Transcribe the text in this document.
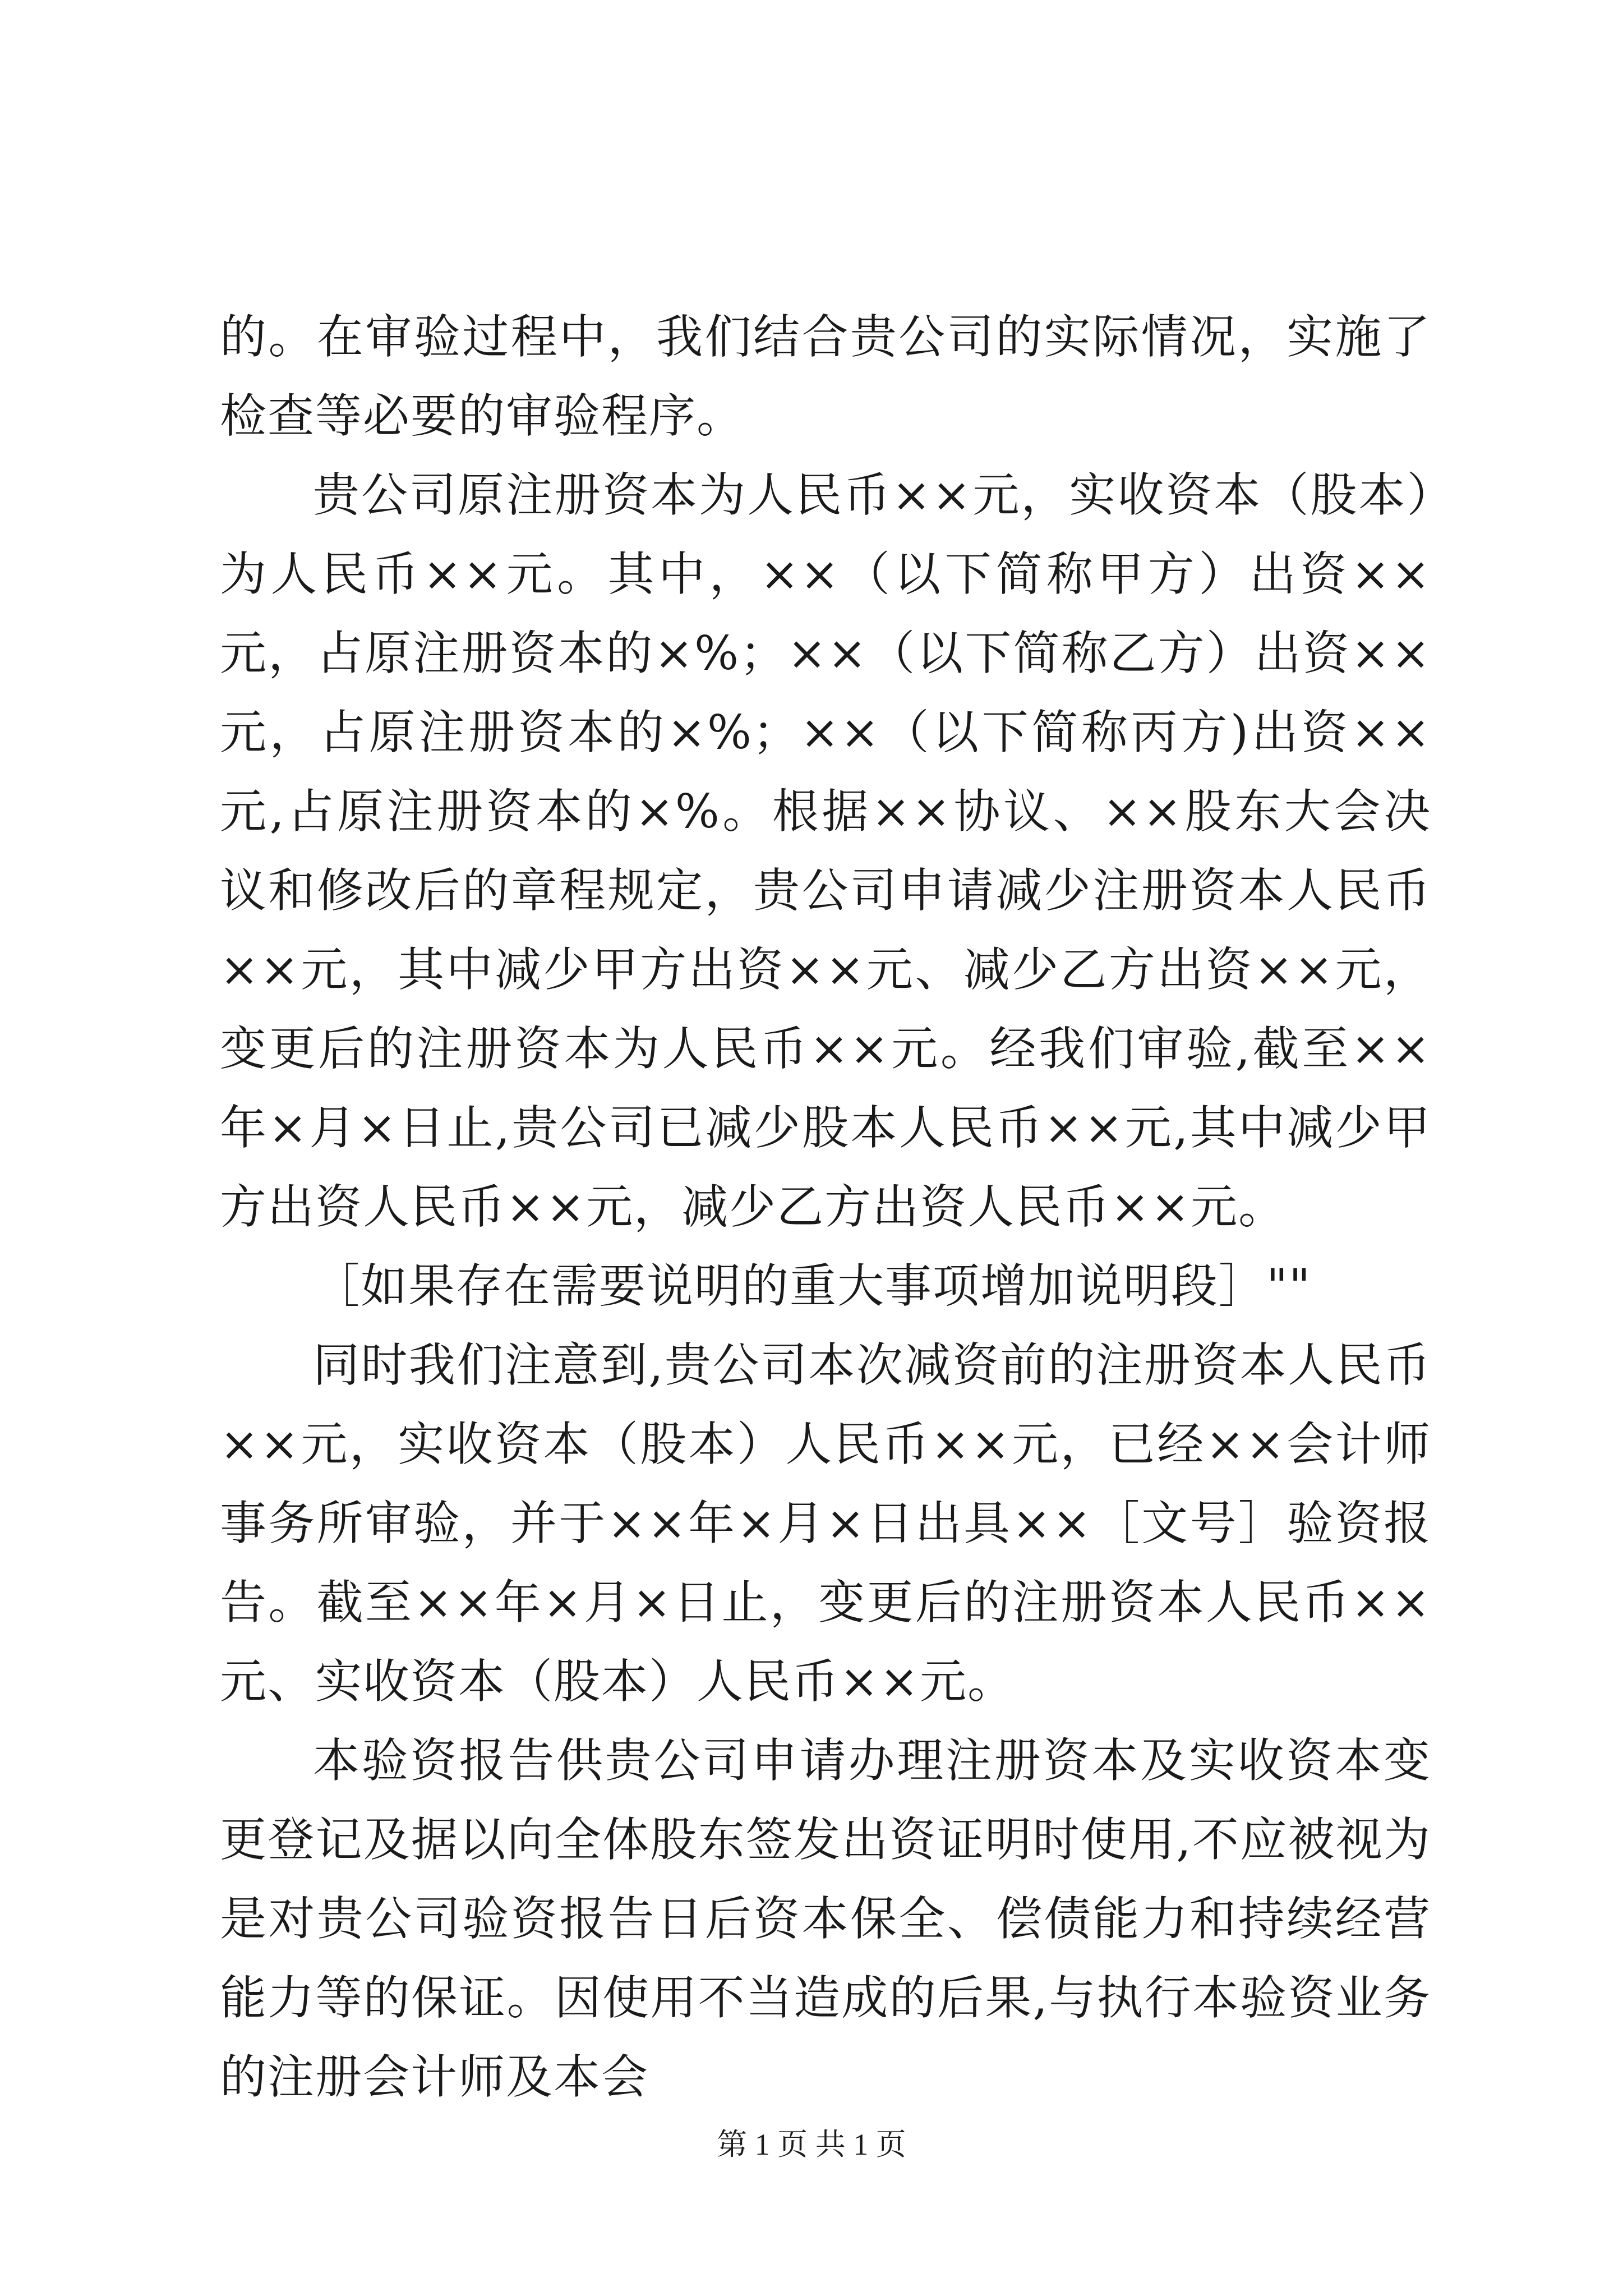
的。在审验过程中，我们结合贵公司的实际情况，实施了检查等必要的审验程序。

贵公司原注册资本为人民币××元，实收资本（股本）为人民币××元。其中，××（以下简称甲方）出资××元，占原注册资本的×%；××（以下简称乙方）出资××元，占原注册资本的×%；××（以下简称丙方)出资××元,占原注册资本的×%。根据××协议、××股东大会决议和修改后的章程规定，贵公司申请减少注册资本人民币××元，其中减少甲方出资××元、减少乙方出资××元，变更后的注册资本为人民币××元。经我们审验,截至××年×月×日止,贵公司已减少股本人民币××元,其中减少甲方出资人民币××元，减少乙方出资人民币××元。

［如果存在需要说明的重大事项增加说明段］""

同时我们注意到,贵公司本次减资前的注册资本人民币××元，实收资本（股本）人民币××元，已经××会计师事务所审验，并于××年×月×日出具××［文号］验资报告。截至××年×月×日止，变更后的注册资本人民币××元、实收资本（股本）人民币××元。

本验资报告供贵公司申请办理注册资本及实收资本变更登记及据以向全体股东签发出资证明时使用,不应被视为是对贵公司验资报告日后资本保全、偿债能力和持续经营能力等的保证。因使用不当造成的后果,与执行本验资业务的注册会计师及本会

第 1 页 共 1 页
